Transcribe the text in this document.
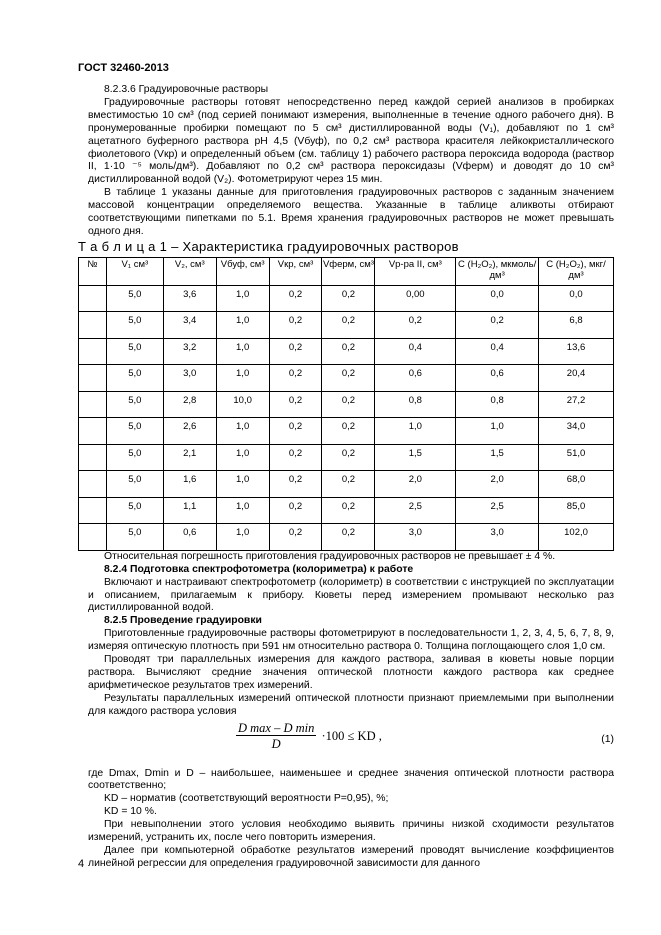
ГОСТ 32460-2013

8.2.3.6 Градуировочные растворы

Градуировочные растворы готовят непосредственно перед каждой серией анализов в пробирках вместимостью 10 см³ (под серией понимают измерения, выполненные в течение одного рабочего дня). В пронумерованные пробирки помещают по 5 см³ дистиллированной воды (V₁), добавляют по 1 см³ ацетатного буферного раствора pH 4,5 (Vбуф), по 0,2 см³ раствора красителя лейкокристаллического фиолетового (Vкр) и определенный объем (см. таблицу 1) рабочего раствора пероксида водорода (раствор II, 1·10 ⁻⁵ моль/дм³). Добавляют по 0,2 см³ раствора пероксидазы (Vферм) и доводят до 10 см³ дистиллированной водой (V₂). Фотометрируют через 15 мин.

В таблице 1 указаны данные для приготовления градуировочных растворов с заданным значением массовой концентрации определяемого вещества. Указанные в таблице аликвоты отбирают соответствующими пипетками по 5.1. Время хранения градуировочных растворов не может превышать одного дня.

Т а б л и ц а 1 – Характеристика градуировочных растворов

№	V₁ см³	V₂, см³	Vбуф, см³	Vкр, см³	Vферм, см³	Vр-ра II, см³	С (Н₂О₂), мкмоль/дм³	С (Н₂О₂), мкг/дм³
	5,0	3,6	1,0	0,2	0,2	0,00	0,0	0,0
	5,0	3,4	1,0	0,2	0,2	0,2	0,2	6,8
	5,0	3,2	1,0	0,2	0,2	0,4	0,4	13,6
	5,0	3,0	1,0	0,2	0,2	0,6	0,6	20,4
	5,0	2,8	10,0	0,2	0,2	0,8	0,8	27,2
	5,0	2,6	1,0	0,2	0,2	1,0	1,0	34,0
	5,0	2,1	1,0	0,2	0,2	1,5	1,5	51,0
	5,0	1,6	1,0	0,2	0,2	2,0	2,0	68,0
	5,0	1,1	1,0	0,2	0,2	2,5	2,5	85,0
	5,0	0,6	1,0	0,2	0,2	3,0	3,0	102,0

Относительная погрешность приготовления градуировочных растворов не превышает ± 4 %.

8.2.4 Подготовка спектрофотометра (колориметра) к работе

Включают и настраивают спектрофотометр (колориметр) в соответствии с инструкцией по эксплуатации и описанием, прилагаемым к прибору. Кюветы перед измерением промывают несколько раз дистиллированной водой.

8.2.5 Проведение градуировки

Приготовленные градуировочные растворы фотометрируют в последовательности 1, 2, 3, 4, 5, 6, 7, 8, 9, измеряя оптическую плотность при 591 нм относительно раствора 0. Толщина поглощающего слоя 1,0 см.

Проводят три параллельных измерения для каждого раствора, заливая в кюветы новые порции раствора. Вычисляют средние значения оптической плотности каждого раствора как среднее арифметическое результатов трех измерений.

Результаты параллельных измерений оптической плотности признают приемлемыми при выполнении для каждого раствора условия

$\frac{\text{D max – D min}}{D} \cdot 100$ ≤ KD ,	(1)

где Dmax, Dmin и D – наибольшее, наименьшее и среднее значения оптической плотности раствора соответственно;

KD – норматив (соответствующий вероятности P=0,95), %;

KD = 10 %.

При невыполнении этого условия необходимо выявить причины низкой сходимости результатов измерений, устранить их, после чего повторить измерения.

Далее при компьютерной обработке результатов измерений проводят вычисление коэффициентов линейной регрессии для определения градуировочной зависимости для данного

4
